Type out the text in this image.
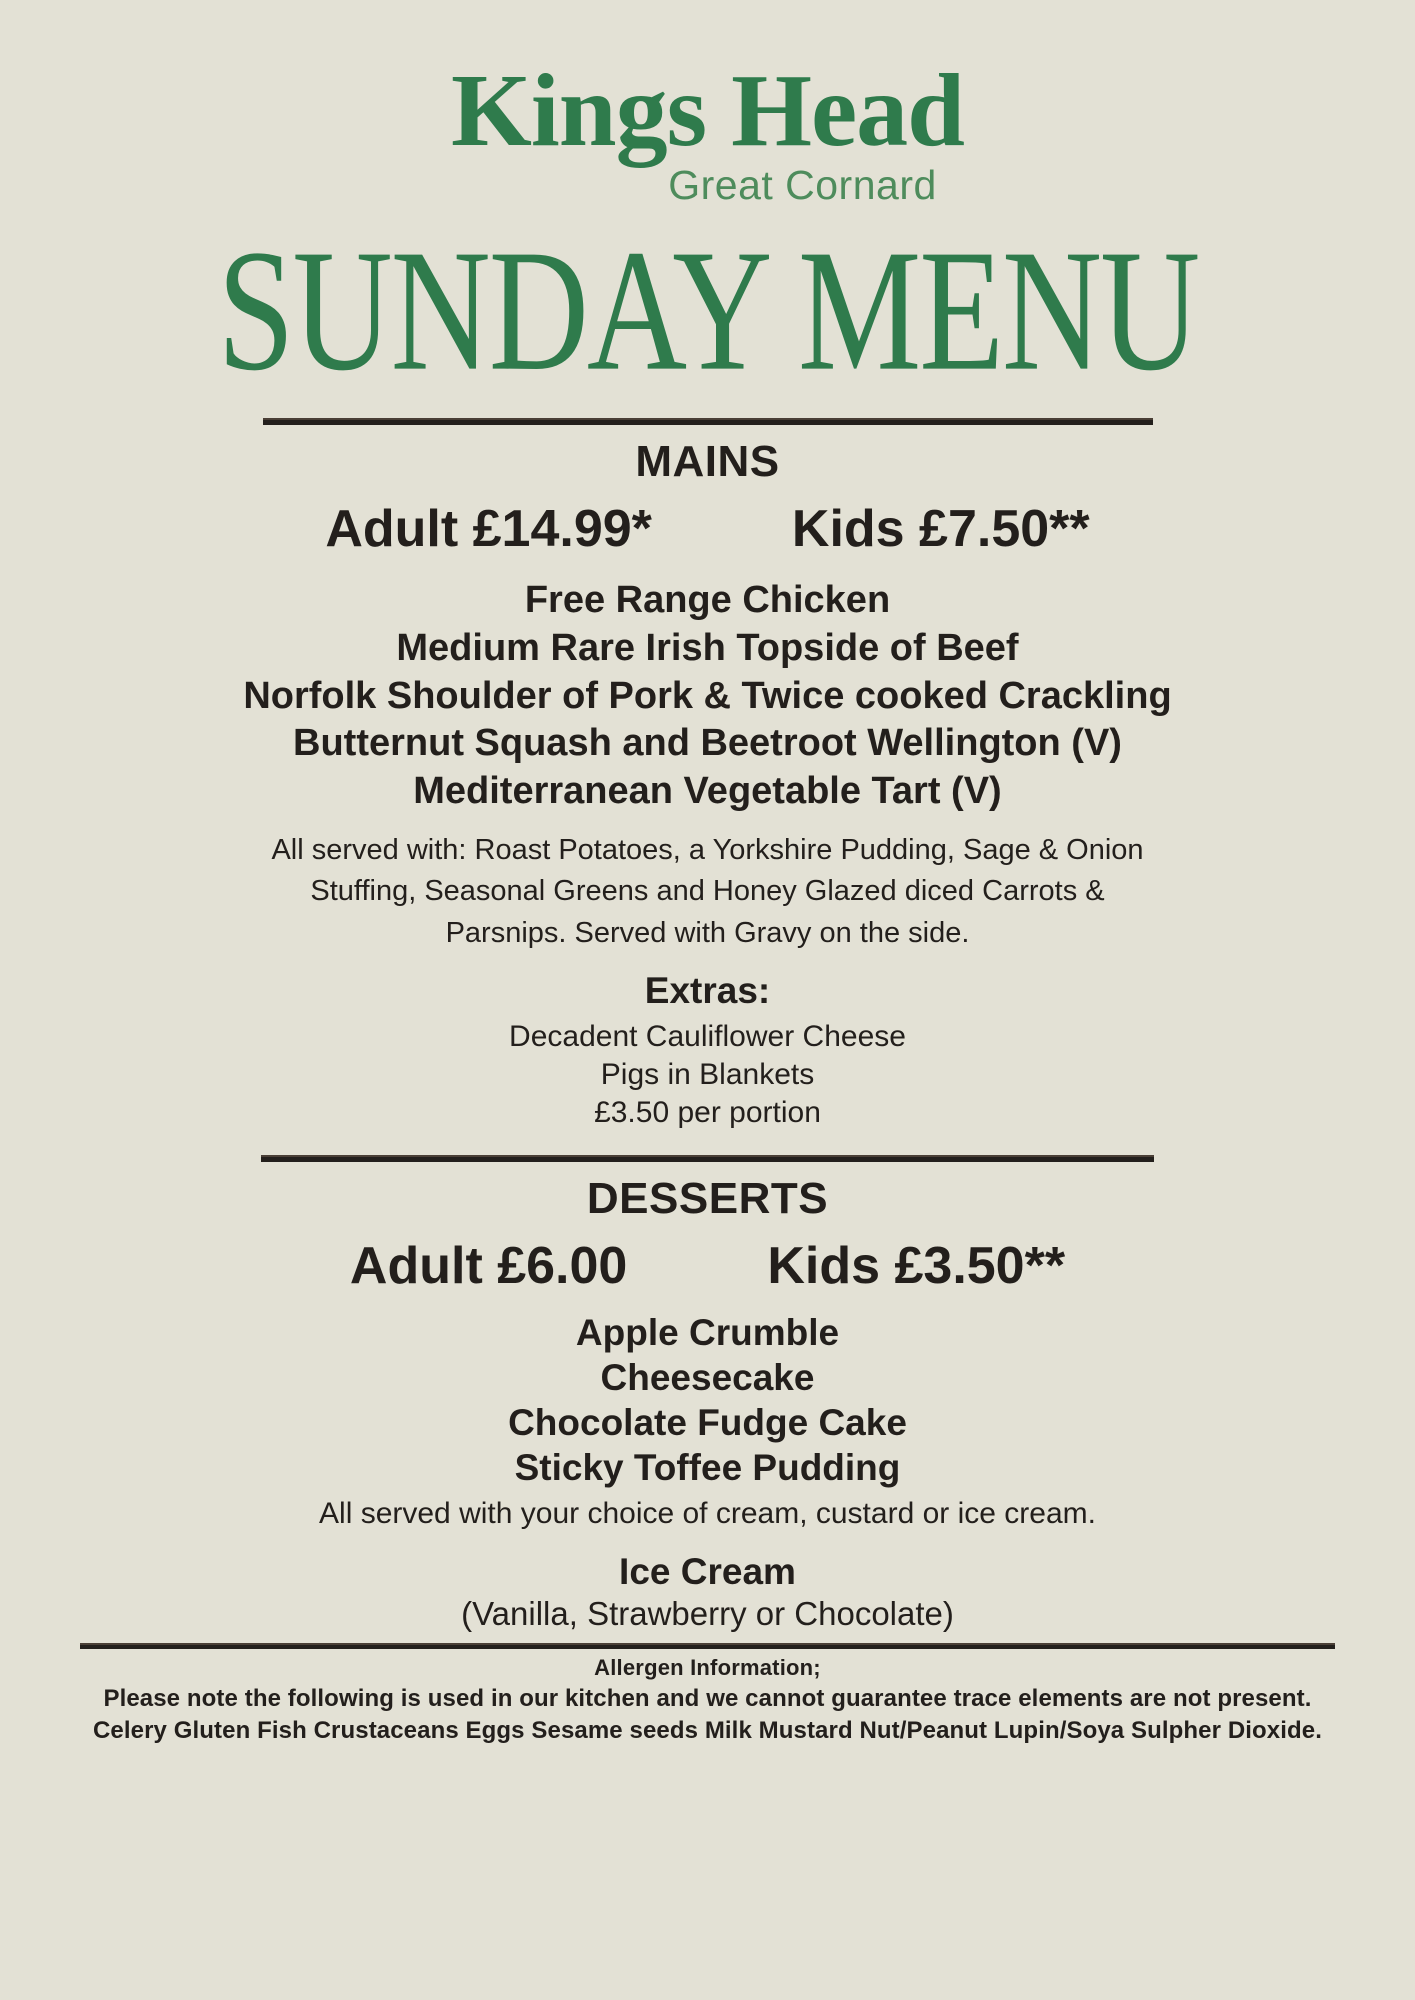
Kings Head
Great Cornard
SUNDAY MENU
MAINS
Adult £14.99*	Kids £7.50**
Free Range Chicken
Medium Rare Irish Topside of Beef
Norfolk Shoulder of Pork & Twice cooked Crackling
Butternut Squash and Beetroot Wellington (V)
Mediterranean Vegetable Tart (V)
All served with: Roast Potatoes, a Yorkshire Pudding, Sage & Onion Stuffing, Seasonal Greens and Honey Glazed diced Carrots & Parsnips. Served with Gravy on the side.
Extras:
Decadent Cauliflower Cheese
Pigs in Blankets
£3.50 per portion
DESSERTS
Adult £6.00	Kids £3.50**
Apple Crumble
Cheesecake
Chocolate Fudge Cake
Sticky Toffee Pudding
All served with your choice of cream, custard or ice cream.
Ice Cream
(Vanilla, Strawberry or Chocolate)
Allergen Information;
Please note the following is used in our kitchen and we cannot guarantee trace elements are not present.
Celery Gluten Fish Crustaceans Eggs Sesame seeds Milk Mustard Nut/Peanut Lupin/Soya Sulpher Dioxide.
